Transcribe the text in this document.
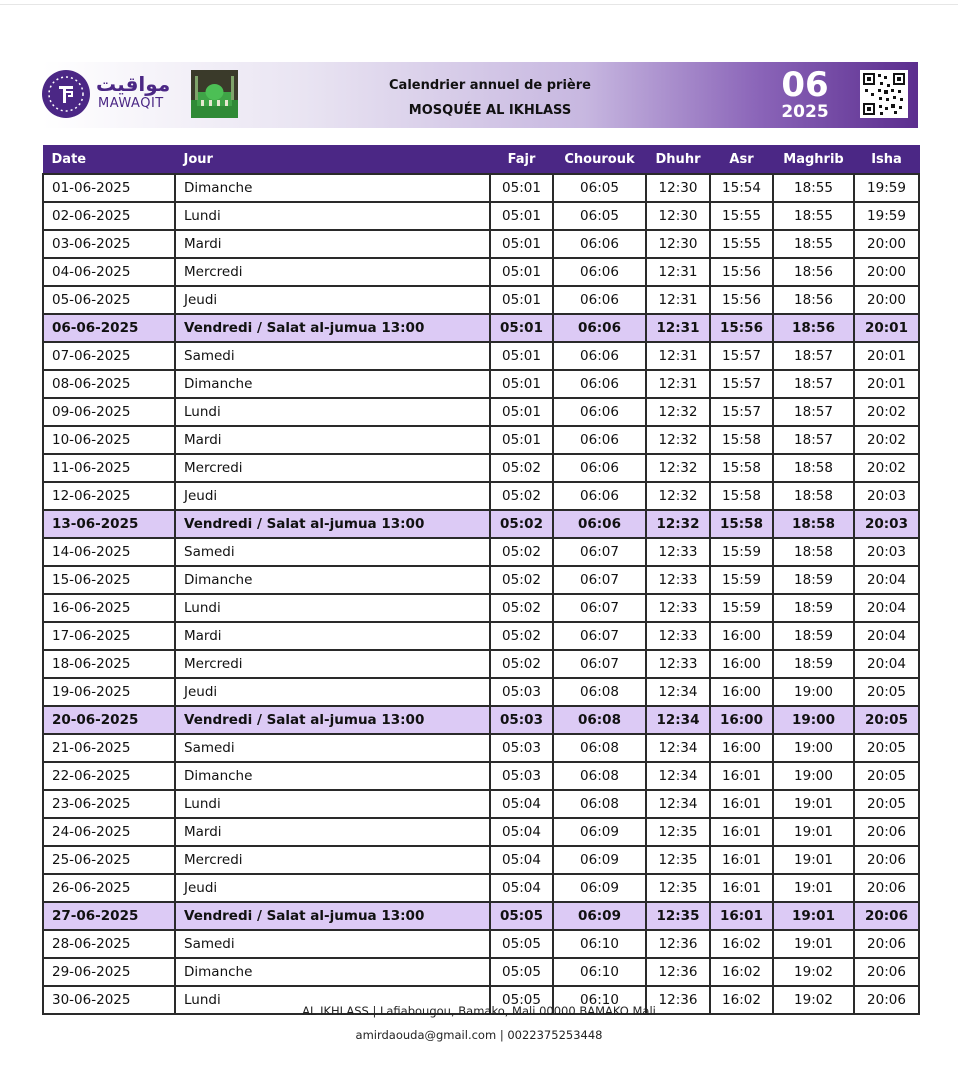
مواقيت
MAWAQIT
Calendrier annuel de prière
MOSQUÉE AL IKHLASS
06
2025
Date	Jour	Fajr	Chourouk	Dhuhr	Asr	Maghrib	Isha
01-06-2025	Dimanche	05:01	06:05	12:30	15:54	18:55	19:59
02-06-2025	Lundi	05:01	06:05	12:30	15:55	18:55	19:59
03-06-2025	Mardi	05:01	06:06	12:30	15:55	18:55	20:00
04-06-2025	Mercredi	05:01	06:06	12:31	15:56	18:56	20:00
05-06-2025	Jeudi	05:01	06:06	12:31	15:56	18:56	20:00
06-06-2025	Vendredi / Salat al-jumua 13:00	05:01	06:06	12:31	15:56	18:56	20:01
07-06-2025	Samedi	05:01	06:06	12:31	15:57	18:57	20:01
08-06-2025	Dimanche	05:01	06:06	12:31	15:57	18:57	20:01
09-06-2025	Lundi	05:01	06:06	12:32	15:57	18:57	20:02
10-06-2025	Mardi	05:01	06:06	12:32	15:58	18:57	20:02
11-06-2025	Mercredi	05:02	06:06	12:32	15:58	18:58	20:02
12-06-2025	Jeudi	05:02	06:06	12:32	15:58	18:58	20:03
13-06-2025	Vendredi / Salat al-jumua 13:00	05:02	06:06	12:32	15:58	18:58	20:03
14-06-2025	Samedi	05:02	06:07	12:33	15:59	18:58	20:03
15-06-2025	Dimanche	05:02	06:07	12:33	15:59	18:59	20:04
16-06-2025	Lundi	05:02	06:07	12:33	15:59	18:59	20:04
17-06-2025	Mardi	05:02	06:07	12:33	16:00	18:59	20:04
18-06-2025	Mercredi	05:02	06:07	12:33	16:00	18:59	20:04
19-06-2025	Jeudi	05:03	06:08	12:34	16:00	19:00	20:05
20-06-2025	Vendredi / Salat al-jumua 13:00	05:03	06:08	12:34	16:00	19:00	20:05
21-06-2025	Samedi	05:03	06:08	12:34	16:00	19:00	20:05
22-06-2025	Dimanche	05:03	06:08	12:34	16:01	19:00	20:05
23-06-2025	Lundi	05:04	06:08	12:34	16:01	19:01	20:05
24-06-2025	Mardi	05:04	06:09	12:35	16:01	19:01	20:06
25-06-2025	Mercredi	05:04	06:09	12:35	16:01	19:01	20:06
26-06-2025	Jeudi	05:04	06:09	12:35	16:01	19:01	20:06
27-06-2025	Vendredi / Salat al-jumua 13:00	05:05	06:09	12:35	16:01	19:01	20:06
28-06-2025	Samedi	05:05	06:10	12:36	16:02	19:01	20:06
29-06-2025	Dimanche	05:05	06:10	12:36	16:02	19:02	20:06
30-06-2025	Lundi	05:05	06:10	12:36	16:02	19:02	20:06
AL IKHLASS | Lafiabougou, Bamako, Mali 00000 BAMAKO Mali
amirdaouda@gmail.com | 0022375253448
